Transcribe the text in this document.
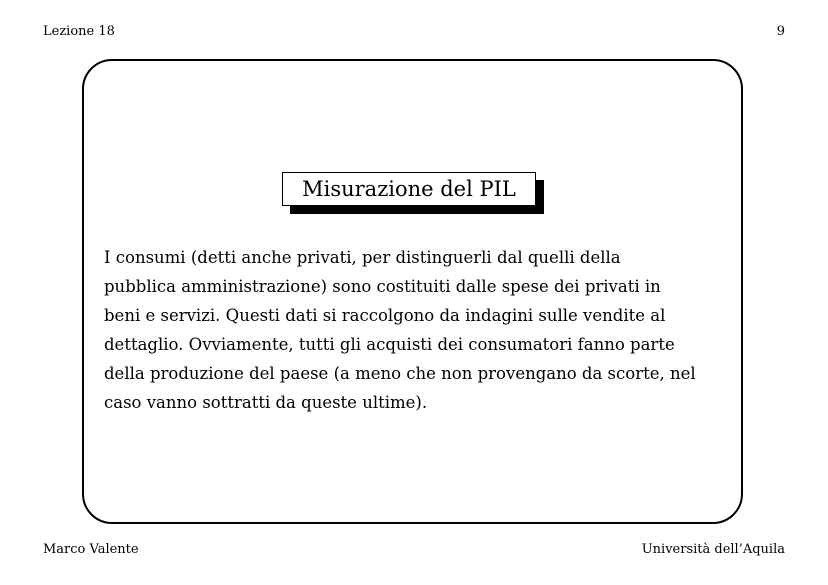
Lezione 18	9
Misurazione del PIL
I consumi (detti anche privati, per distinguerli dal quelli della
pubblica amministrazione) sono costituiti dalle spese dei privati in
beni e servizi. Questi dati si raccolgono da indagini sulle vendite al
dettaglio. Ovviamente, tutti gli acquisti dei consumatori fanno parte
della produzione del paese (a meno che non provengano da scorte, nel
caso vanno sottratti da queste ultime).
Marco Valente	Università dell’Aquila
